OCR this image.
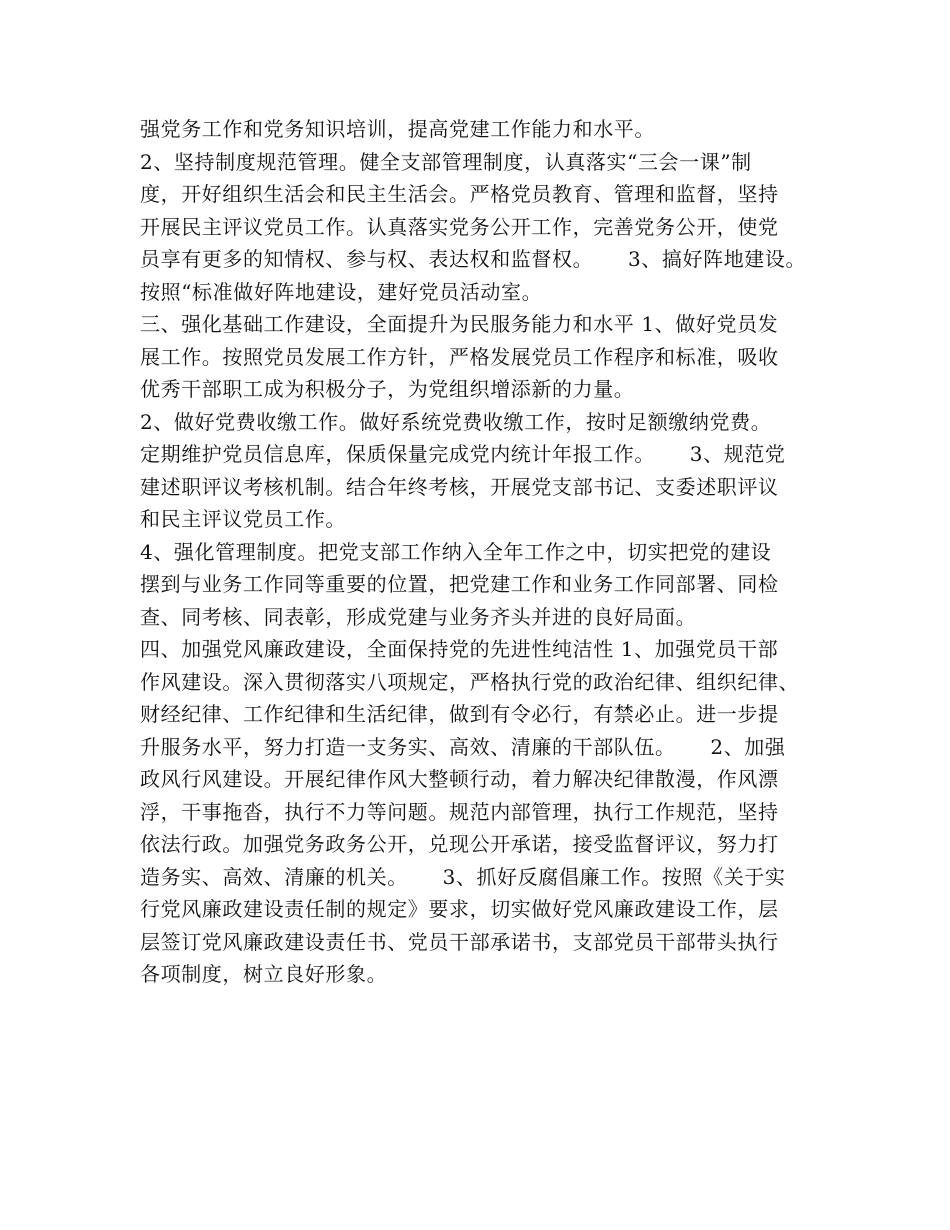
强党务工作和党务知识培训，提高党建工作能力和水平。
2、坚持制度规范管理。健全支部管理制度，认真落实“三会一课”制
度，开好组织生活会和民主生活会。严格党员教育、管理和监督，坚持
开展民主评议党员工作。认真落实党务公开工作，完善党务公开，使党
员享有更多的知情权、参与权、表达权和监督权。     3、搞好阵地建设。
按照“标准做好阵地建设，建好党员活动室。
三、强化基础工作建设，全面提升为民服务能力和水平 1、做好党员发
展工作。按照党员发展工作方针，严格发展党员工作程序和标准，吸收
优秀干部职工成为积极分子，为党组织增添新的力量。
2、做好党费收缴工作。做好系统党费收缴工作，按时足额缴纳党费。
定期维护党员信息库，保质保量完成党内统计年报工作。     3、规范党
建述职评议考核机制。结合年终考核，开展党支部书记、支委述职评议
和民主评议党员工作。
4、强化管理制度。把党支部工作纳入全年工作之中，切实把党的建设
摆到与业务工作同等重要的位置，把党建工作和业务工作同部署、同检
查、同考核、同表彰，形成党建与业务齐头并进的良好局面。
四、加强党风廉政建设，全面保持党的先进性纯洁性 1、加强党员干部
作风建设。深入贯彻落实八项规定，严格执行党的政治纪律、组织纪律、
财经纪律、工作纪律和生活纪律，做到有令必行，有禁必止。进一步提
升服务水平，努力打造一支务实、高效、清廉的干部队伍。     2、加强
政风行风建设。开展纪律作风大整顿行动，着力解决纪律散漫，作风漂
浮，干事拖沓，执行不力等问题。规范内部管理，执行工作规范，坚持
依法行政。加强党务政务公开，兑现公开承诺，接受监督评议，努力打
造务实、高效、清廉的机关。     3、抓好反腐倡廉工作。按照《关于实
行党风廉政建设责任制的规定》要求，切实做好党风廉政建设工作，层
层签订党风廉政建设责任书、党员干部承诺书，支部党员干部带头执行
各项制度，树立良好形象。
